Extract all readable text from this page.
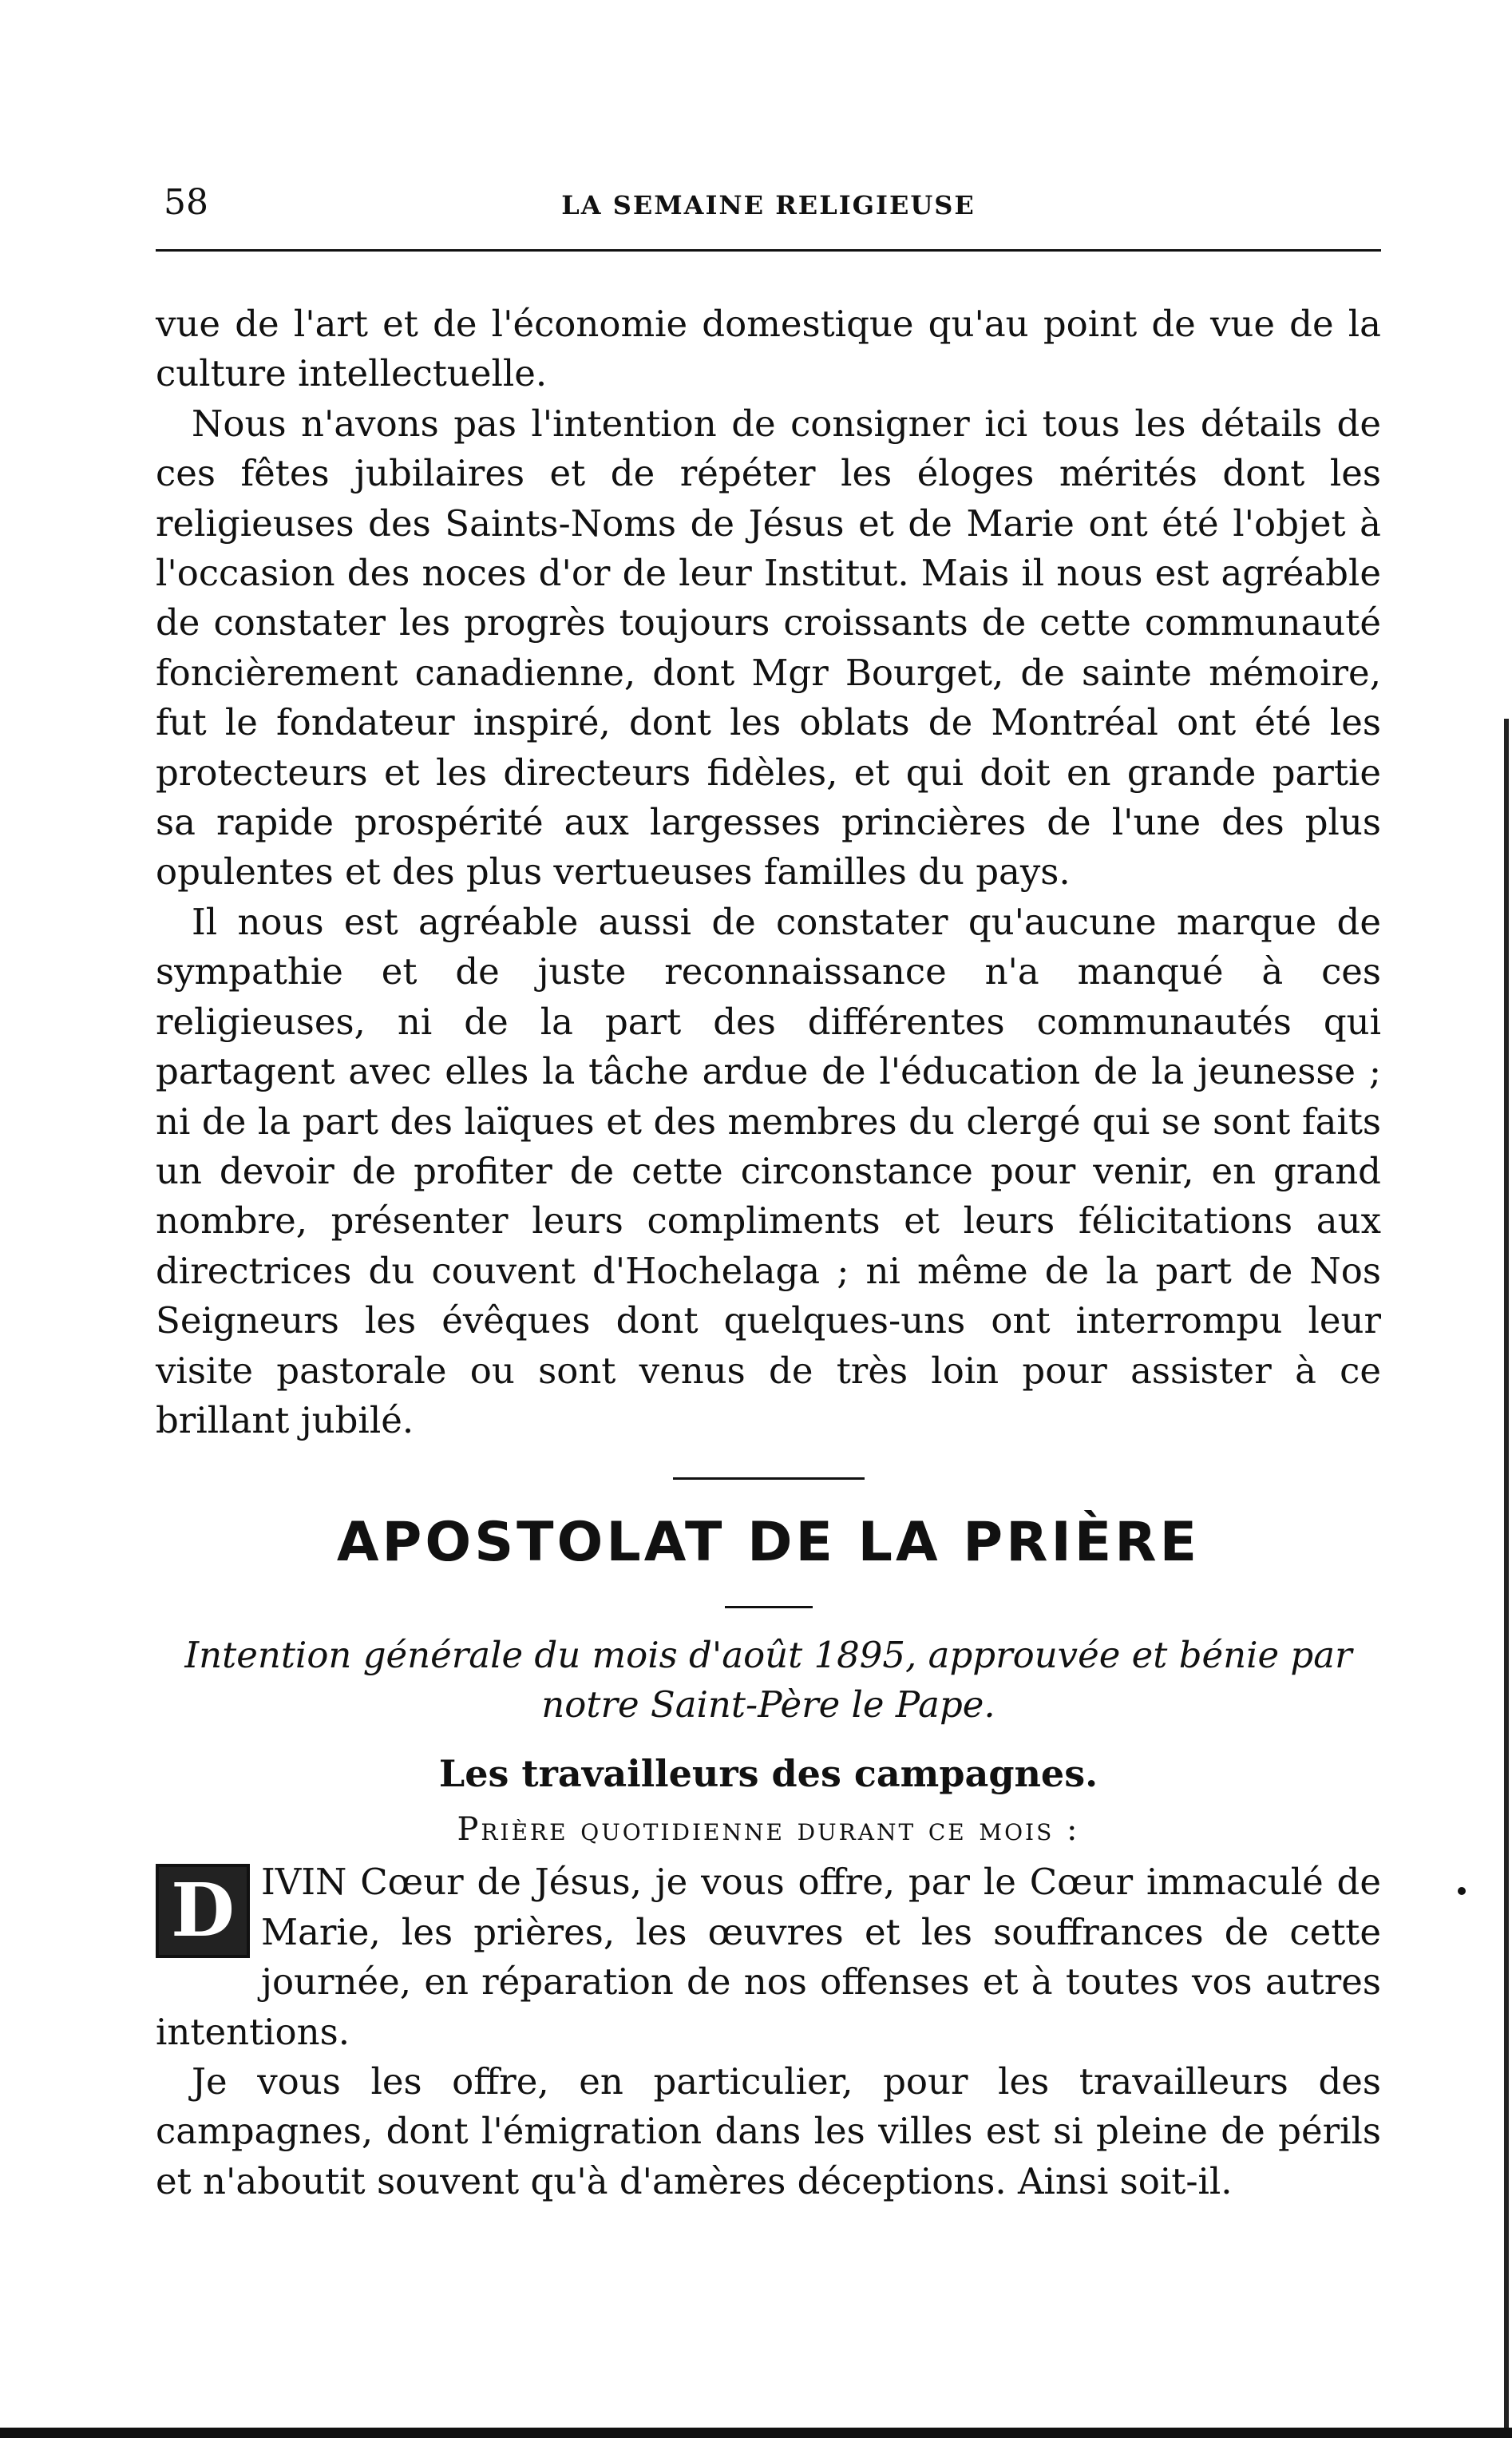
58	LA SEMAINE RELIGIEUSE

vue de l'art et de l'économie domestique qu'au point de vue de la culture intellectuelle.

Nous n'avons pas l'intention de consigner ici tous les détails de ces fêtes jubilaires et de répéter les éloges mérités dont les religieuses des Saints-Noms de Jésus et de Marie ont été l'objet à l'occasion des noces d'or de leur Institut. Mais il nous est agréable de constater les progrès toujours croissants de cette communauté foncièrement canadienne, dont Mgr Bourget, de sainte mémoire, fut le fondateur inspiré, dont les oblats de Montréal ont été les protecteurs et les directeurs fidèles, et qui doit en grande partie sa rapide prospérité aux largesses princières de l'une des plus opulentes et des plus vertueuses familles du pays.

Il nous est agréable aussi de constater qu'aucune marque de sympathie et de juste reconnaissance n'a manqué à ces religieuses, ni de la part des différentes communautés qui partagent avec elles la tâche ardue de l'éducation de la jeunesse ; ni de la part des laïques et des membres du clergé qui se sont faits un devoir de profiter de cette circonstance pour venir, en grand nombre, présenter leurs compliments et leurs félicitations aux directrices du couvent d'Hochelaga ; ni même de la part de Nos Seigneurs les évêques dont quelques-uns ont interrompu leur visite pastorale ou sont venus de très loin pour assister à ce brillant jubilé.

APOSTOLAT DE LA PRIÈRE
Intention générale du mois d'août 1895, approuvée et bénie par notre Saint-Père le Pape.
Les travailleurs des campagnes.
Prière quotidienne durant ce mois :

D IVIN Cœur de Jésus, je vous offre, par le Cœur immaculé de Marie, les prières, les œuvres et les souffrances de cette journée, en réparation de nos offenses et à toutes vos autres intentions.

Je vous les offre, en particulier, pour les travailleurs des campagnes, dont l'émigration dans les villes est si pleine de périls et n'aboutit souvent qu'à d'amères déceptions. Ainsi soit-il.
